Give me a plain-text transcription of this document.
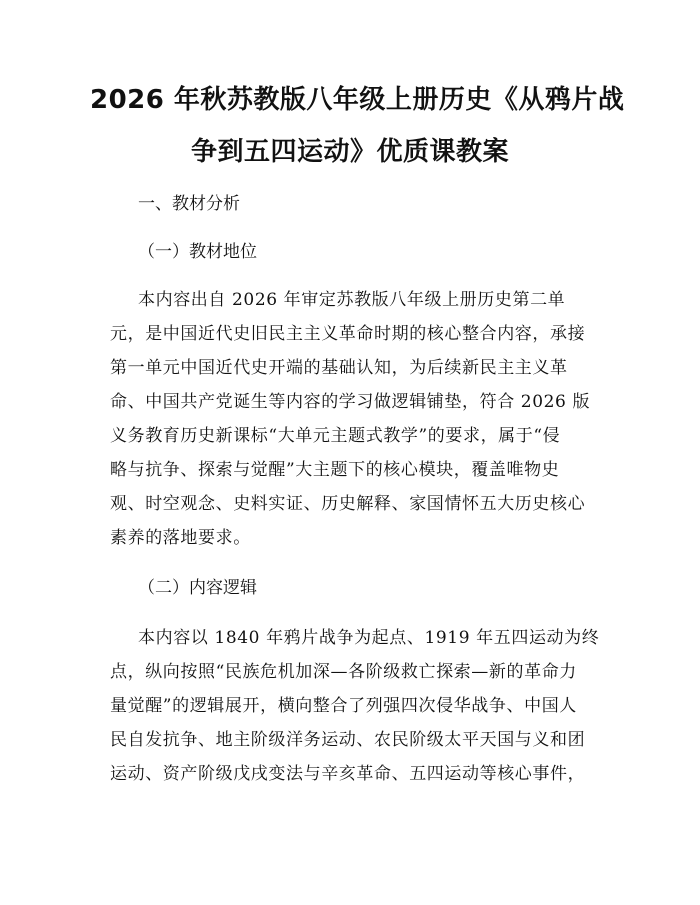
2026 年秋苏教版八年级上册历史《从鸦片战
争到五四运动》优质课教案
一、教材分析
（一）教材地位
本内容出自 2026 年审定苏教版八年级上册历史第二单
元，是中国近代史旧民主主义革命时期的核心整合内容，承接
第一单元中国近代史开端的基础认知，为后续新民主主义革
命、中国共产党诞生等内容的学习做逻辑铺垫，符合 2026 版
义务教育历史新课标“大单元主题式教学”的要求，属于“侵
略与抗争、探索与觉醒”大主题下的核心模块，覆盖唯物史
观、时空观念、史料实证、历史解释、家国情怀五大历史核心
素养的落地要求。
（二）内容逻辑
本内容以 1840 年鸦片战争为起点、1919 年五四运动为终
点，纵向按照“民族危机加深—各阶级救亡探索—新的革命力
量觉醒”的逻辑展开，横向整合了列强四次侵华战争、中国人
民自发抗争、地主阶级洋务运动、农民阶级太平天国与义和团
运动、资产阶级戊戌变法与辛亥革命、五四运动等核心事件，
